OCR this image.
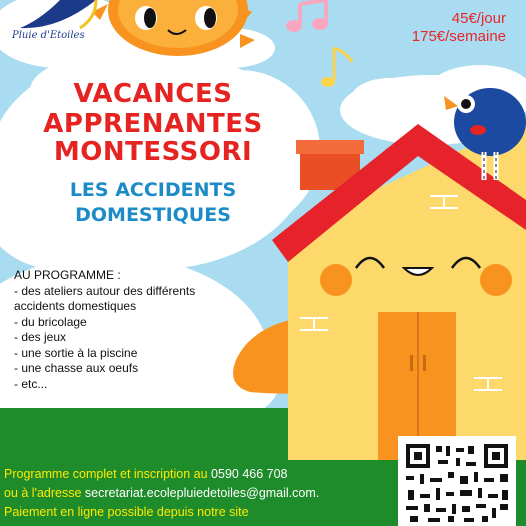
Pluie d'Etoiles
45€/jour
175€/semaine
VACANCES
APPRENANTES
MONTESSORI
LES ACCIDENTS
DOMESTIQUES
AU PROGRAMME :
- des ateliers autour des différents
accidents domestiques
- du bricolage
- des jeux
- une sortie à la piscine
- une chasse aux oeufs
- etc...
Programme complet et inscription au 0590 466 708
ou à l'adresse secretariat.ecolepluiedetoiles@gmail.com.
Paiement en ligne possible depuis notre site
